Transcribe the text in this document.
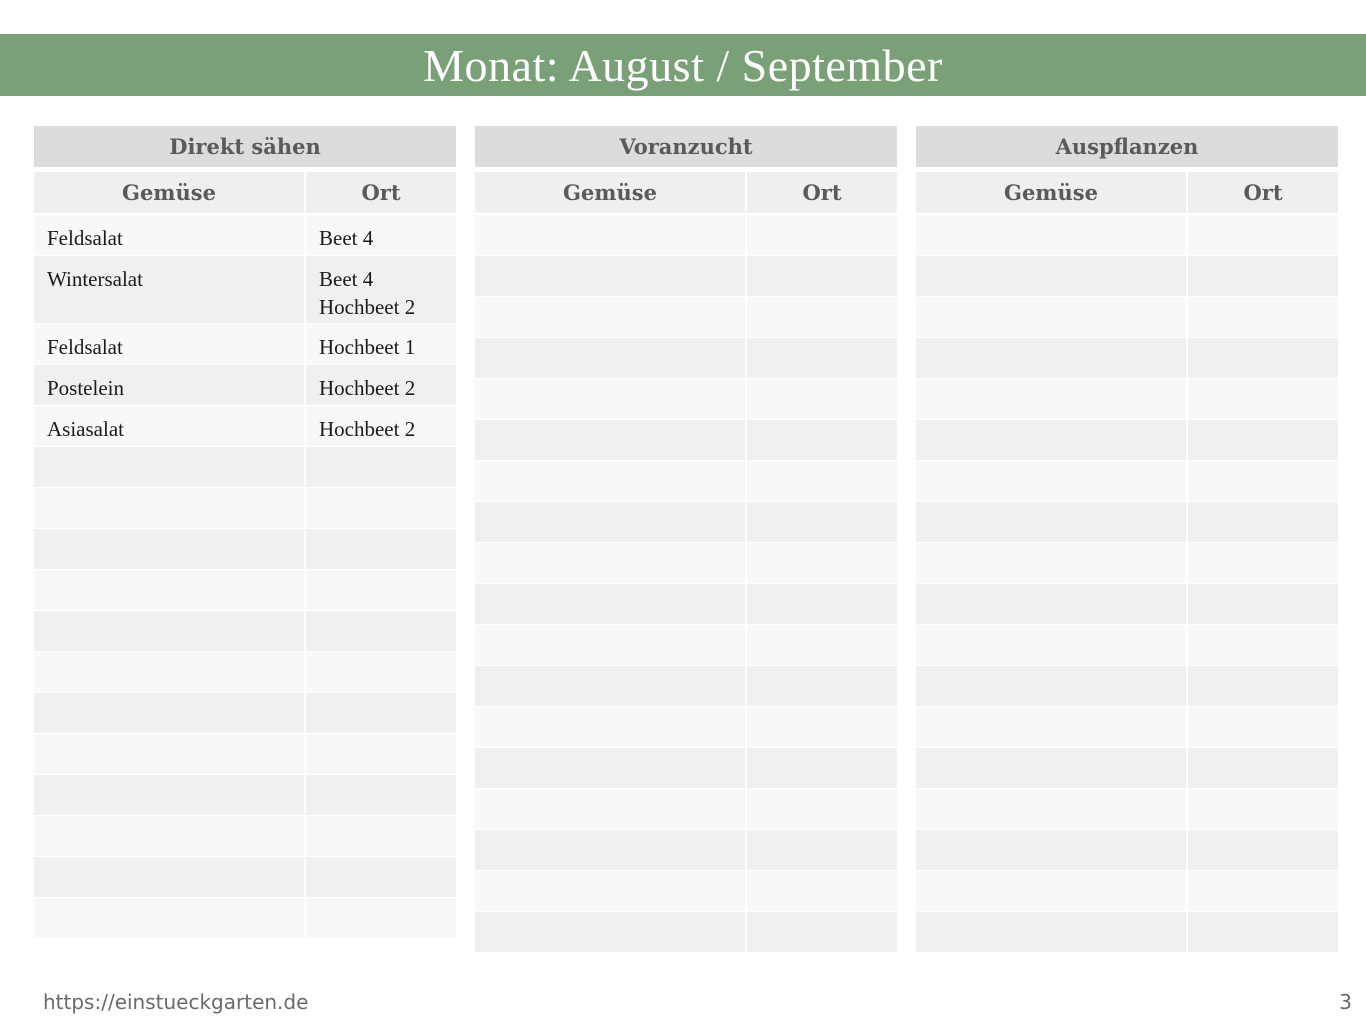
Monat: August / September
Direkt sähen
Gemüse	Ort
Feldsalat	Beet 4
Wintersalat	Beet 4
Hochbeet 2
Feldsalat	Hochbeet 1
Postelein	Hochbeet 2
Asiasalat	Hochbeet 2
Voranzucht
Gemüse	Ort
Auspflanzen
Gemüse	Ort
https://einstueckgarten.de	3
